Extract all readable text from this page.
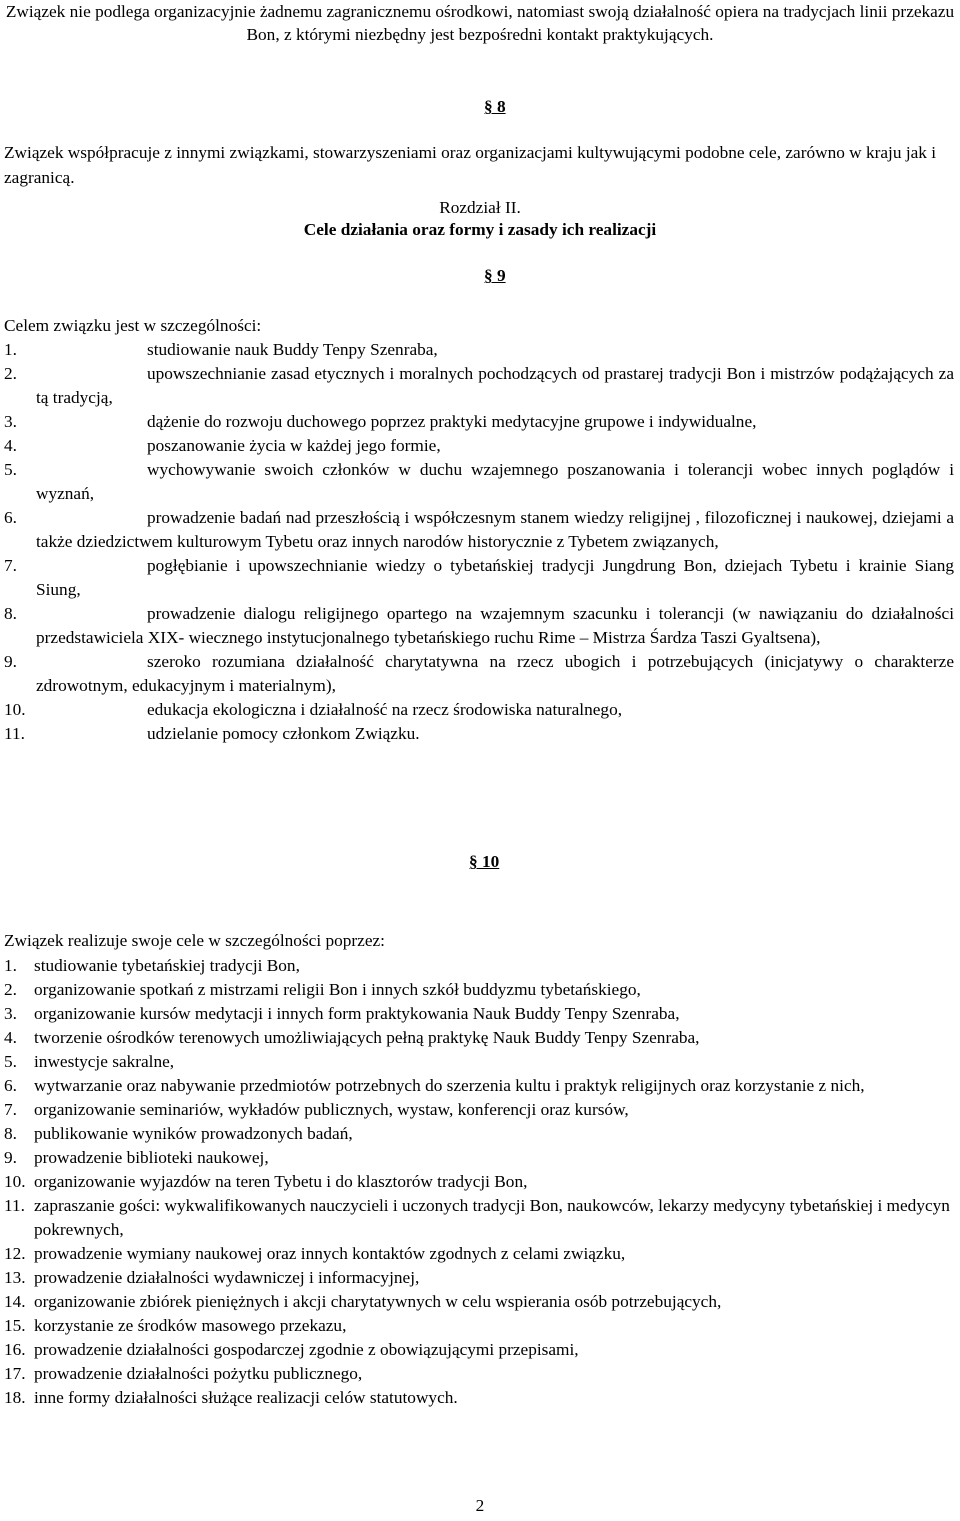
Związek nie podlega organizacyjnie żadnemu zagranicznemu ośrodkowi, natomiast swoją działalność opiera na tradycjach linii przekazu Bon, z którymi niezbędny jest bezpośredni kontakt praktykujących.
§ 8
Związek współpracuje z innymi związkami, stowarzyszeniami oraz organizacjami kultywującymi podobne cele, zarówno w kraju jak i zagranicą.
Rozdział II.
Cele działania oraz formy i zasady ich realizacji
§ 9
Celem związku jest w szczególności:
1.	studiowanie nauk Buddy Tenpy Szenraba,
2.	upowszechnianie zasad etycznych i moralnych pochodzących od prastarej tradycji Bon i mistrzów podążających za tą tradycją,
3.	dążenie do rozwoju duchowego poprzez praktyki medytacyjne grupowe i indywidualne,
4.	poszanowanie życia w każdej jego formie,
5.	wychowywanie swoich członków w duchu wzajemnego poszanowania i tolerancji wobec innych poglądów i wyznań,
6.	prowadzenie badań nad przeszłością i współczesnym stanem wiedzy religijnej , filozoficznej i naukowej, dziejami a także dziedzictwem kulturowym Tybetu oraz innych narodów historycznie z Tybetem związanych,
7.	pogłębianie i upowszechnianie wiedzy o tybetańskiej tradycji Jungdrung Bon, dziejach Tybetu i krainie Siang Siung,
8.	prowadzenie dialogu religijnego opartego na wzajemnym szacunku i tolerancji (w nawiązaniu do działalności przedstawiciela XIX- wiecznego instytucjonalnego tybetańskiego ruchu Rime – Mistrza Śardza Taszi Gyaltsena),
9.	szeroko rozumiana działalność charytatywna na rzecz ubogich i potrzebujących (inicjatywy o charakterze zdrowotnym, edukacyjnym i materialnym),
10.	edukacja ekologiczna i działalność na rzecz środowiska naturalnego,
11.	udzielanie pomocy członkom Związku.
§ 10
Związek realizuje swoje cele w szczególności poprzez:
1. studiowanie tybetańskiej tradycji Bon,
2. organizowanie spotkań z mistrzami religii Bon i innych szkół buddyzmu tybetańskiego,
3. organizowanie kursów medytacji i innych form praktykowania Nauk Buddy Tenpy Szenraba,
4. tworzenie ośrodków terenowych umożliwiających pełną praktykę Nauk Buddy Tenpy Szenraba,
5. inwestycje sakralne,
6. wytwarzanie oraz nabywanie przedmiotów potrzebnych do szerzenia kultu i praktyk religijnych oraz korzystanie z nich,
7. organizowanie seminariów, wykładów publicznych, wystaw, konferencji oraz kursów,
8. publikowanie wyników prowadzonych badań,
9. prowadzenie biblioteki naukowej,
10. organizowanie wyjazdów na teren Tybetu i do klasztorów tradycji Bon,
11. zapraszanie gości: wykwalifikowanych nauczycieli i uczonych tradycji Bon, naukowców, lekarzy medycyny tybetańskiej i medycyn pokrewnych,
12. prowadzenie wymiany naukowej oraz innych kontaktów zgodnych z celami związku,
13. prowadzenie działalności wydawniczej i informacyjnej,
14. organizowanie zbiórek pieniężnych i akcji charytatywnych w celu wspierania osób potrzebujących,
15. korzystanie ze środków masowego przekazu,
16. prowadzenie działalności gospodarczej zgodnie z obowiązującymi przepisami,
17. prowadzenie działalności pożytku publicznego,
18. inne formy działalności służące realizacji celów statutowych.
2
